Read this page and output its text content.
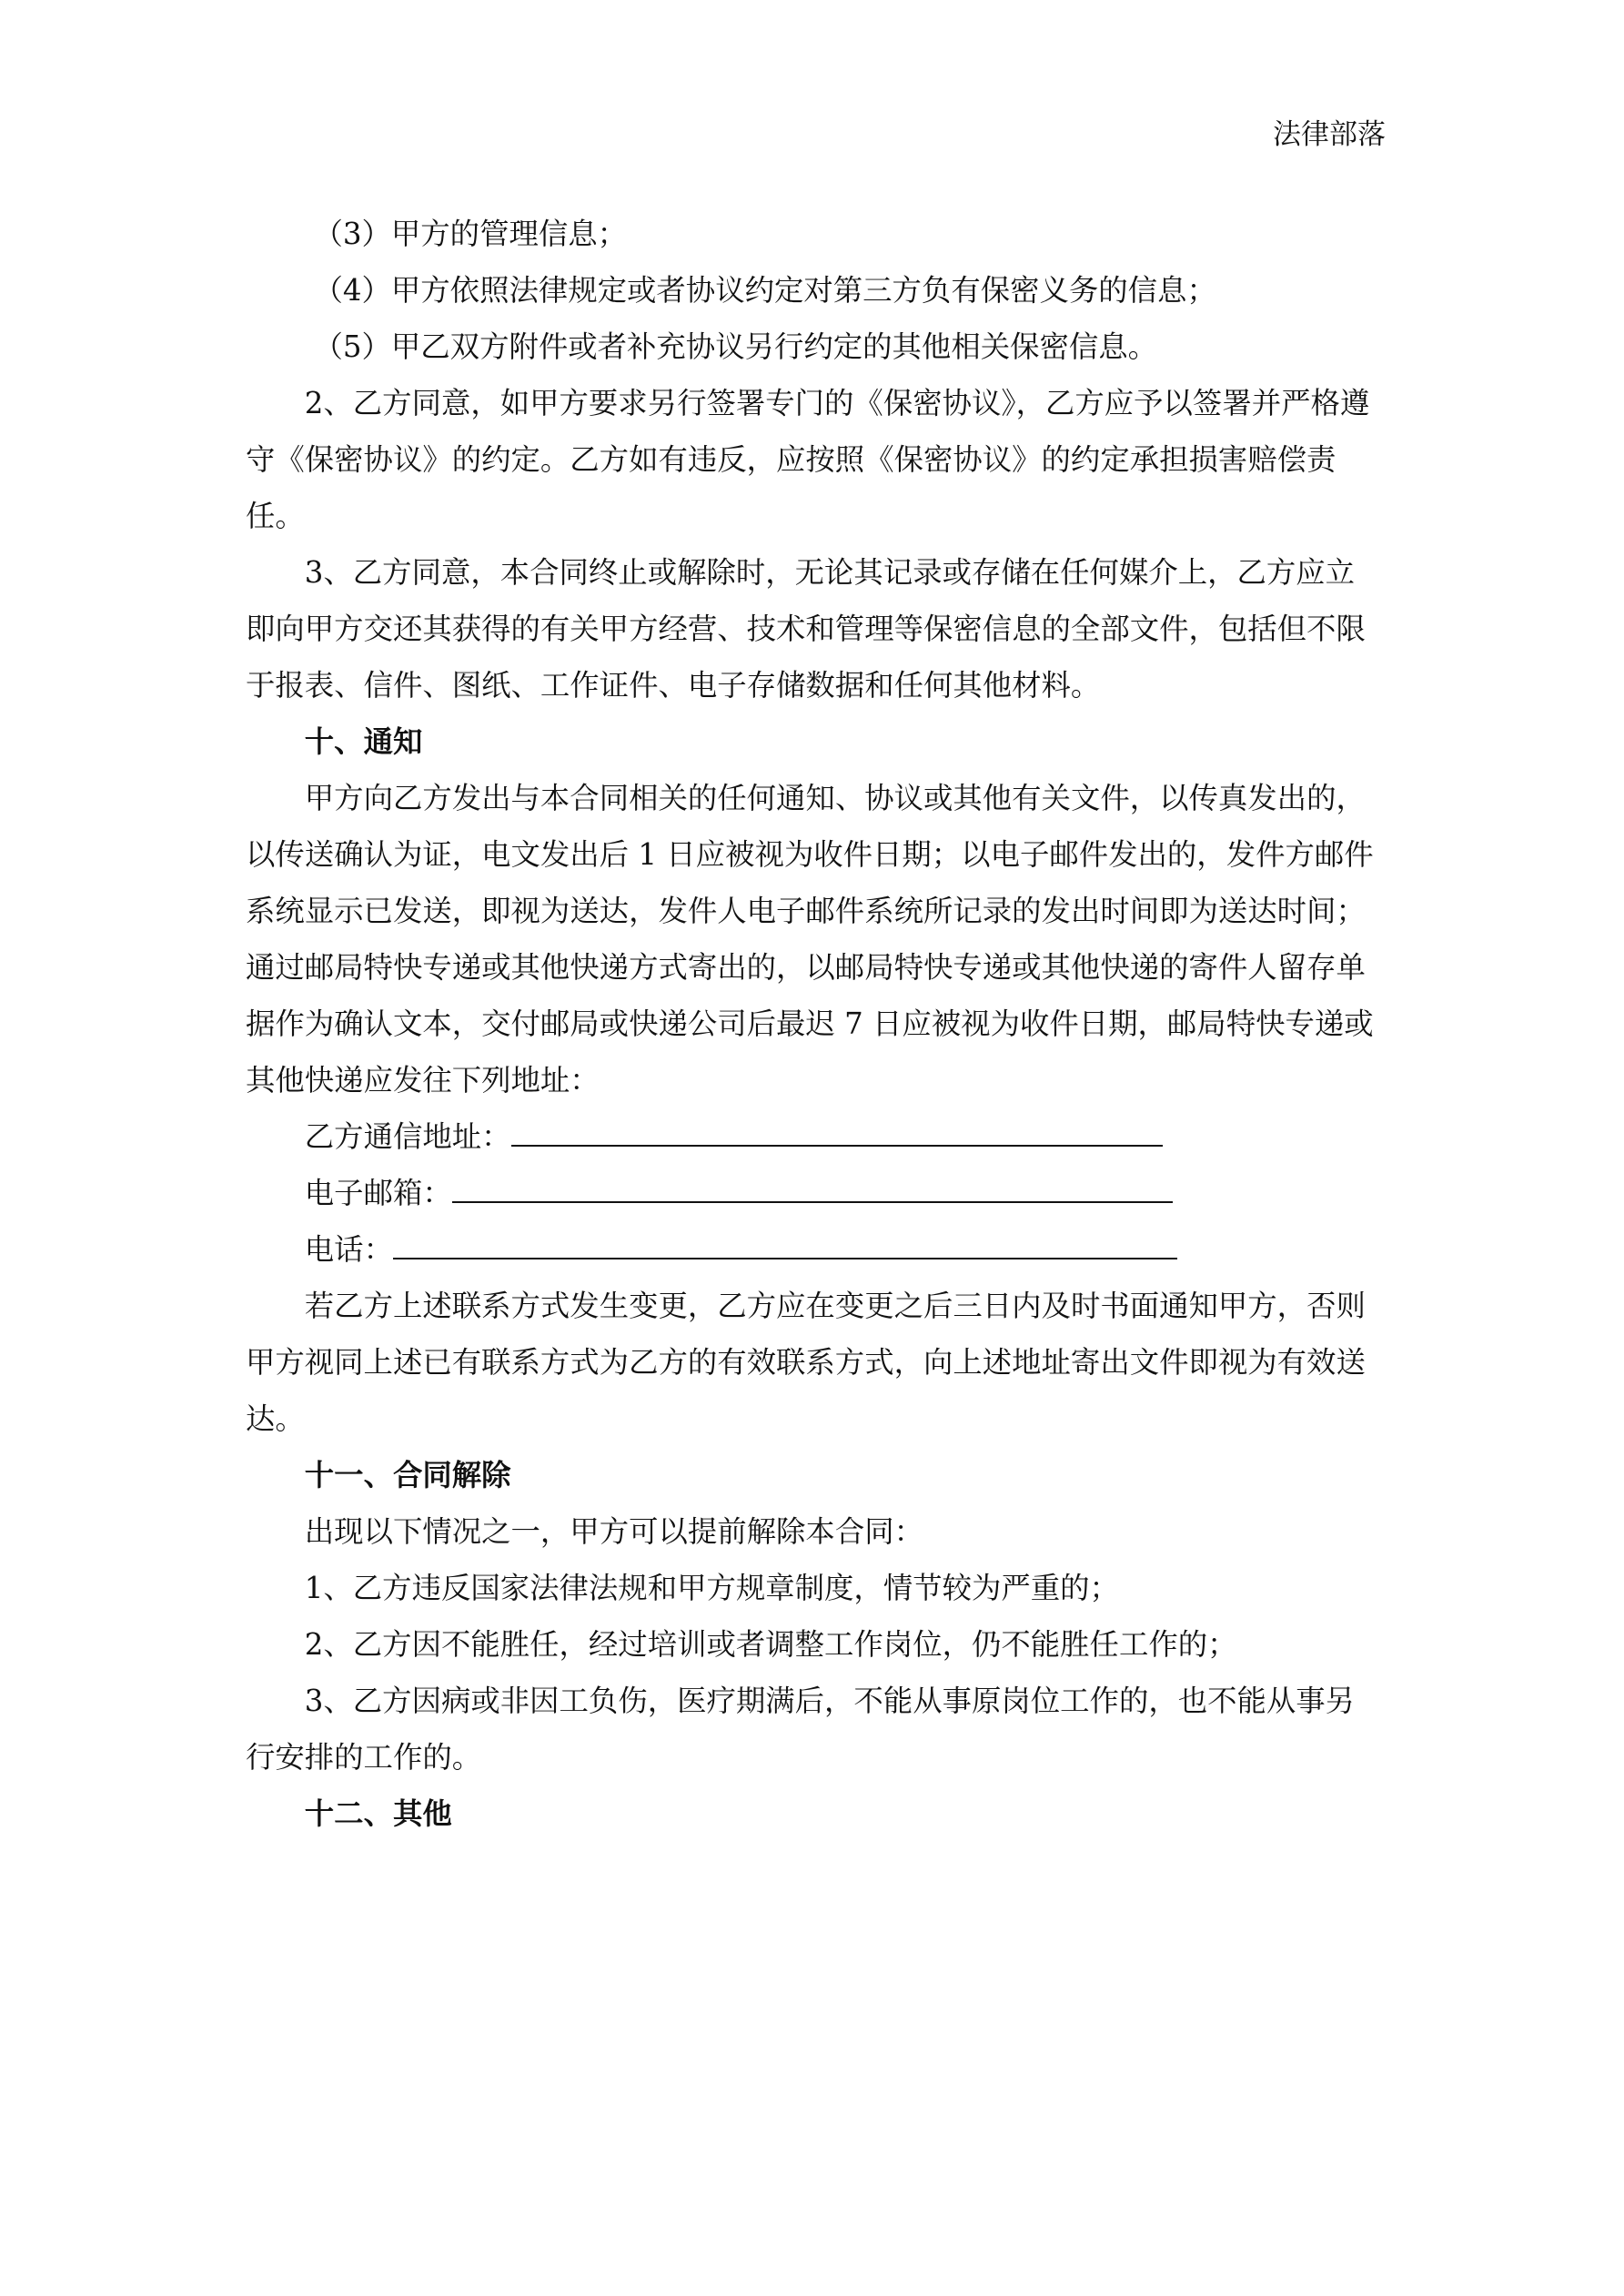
法律部落

（3）甲方的管理信息；

（4）甲方依照法律规定或者协议约定对第三方负有保密义务的信息；

（5）甲乙双方附件或者补充协议另行约定的其他相关保密信息。

2、乙方同意，如甲方要求另行签署专门的《保密协议》，乙方应予以签署并严格遵守《保密协议》的约定。乙方如有违反，应按照《保密协议》的约定承担损害赔偿责任。

3、乙方同意，本合同终止或解除时，无论其记录或存储在任何媒介上，乙方应立即向甲方交还其获得的有关甲方经营、技术和管理等保密信息的全部文件，包括但不限于报表、信件、图纸、工作证件、电子存储数据和任何其他材料。

十、通知

甲方向乙方发出与本合同相关的任何通知、协议或其他有关文件，以传真发出的，以传送确认为证，电文发出后 1 日应被视为收件日期；以电子邮件发出的，发件方邮件系统显示已发送，即视为送达，发件人电子邮件系统所记录的发出时间即为送达时间；通过邮局特快专递或其他快递方式寄出的，以邮局特快专递或其他快递的寄件人留存单据作为确认文本，交付邮局或快递公司后最迟 7 日应被视为收件日期，邮局特快专递或其他快递应发往下列地址：

乙方通信地址：
电子邮箱：
电话：

若乙方上述联系方式发生变更，乙方应在变更之后三日内及时书面通知甲方，否则甲方视同上述已有联系方式为乙方的有效联系方式，向上述地址寄出文件即视为有效送达。

十一、合同解除

出现以下情况之一，甲方可以提前解除本合同：

1、乙方违反国家法律法规和甲方规章制度，情节较为严重的；

2、乙方因不能胜任，经过培训或者调整工作岗位，仍不能胜任工作的；

3、乙方因病或非因工负伤，医疗期满后，不能从事原岗位工作的，也不能从事另行安排的工作的。

十二、其他
